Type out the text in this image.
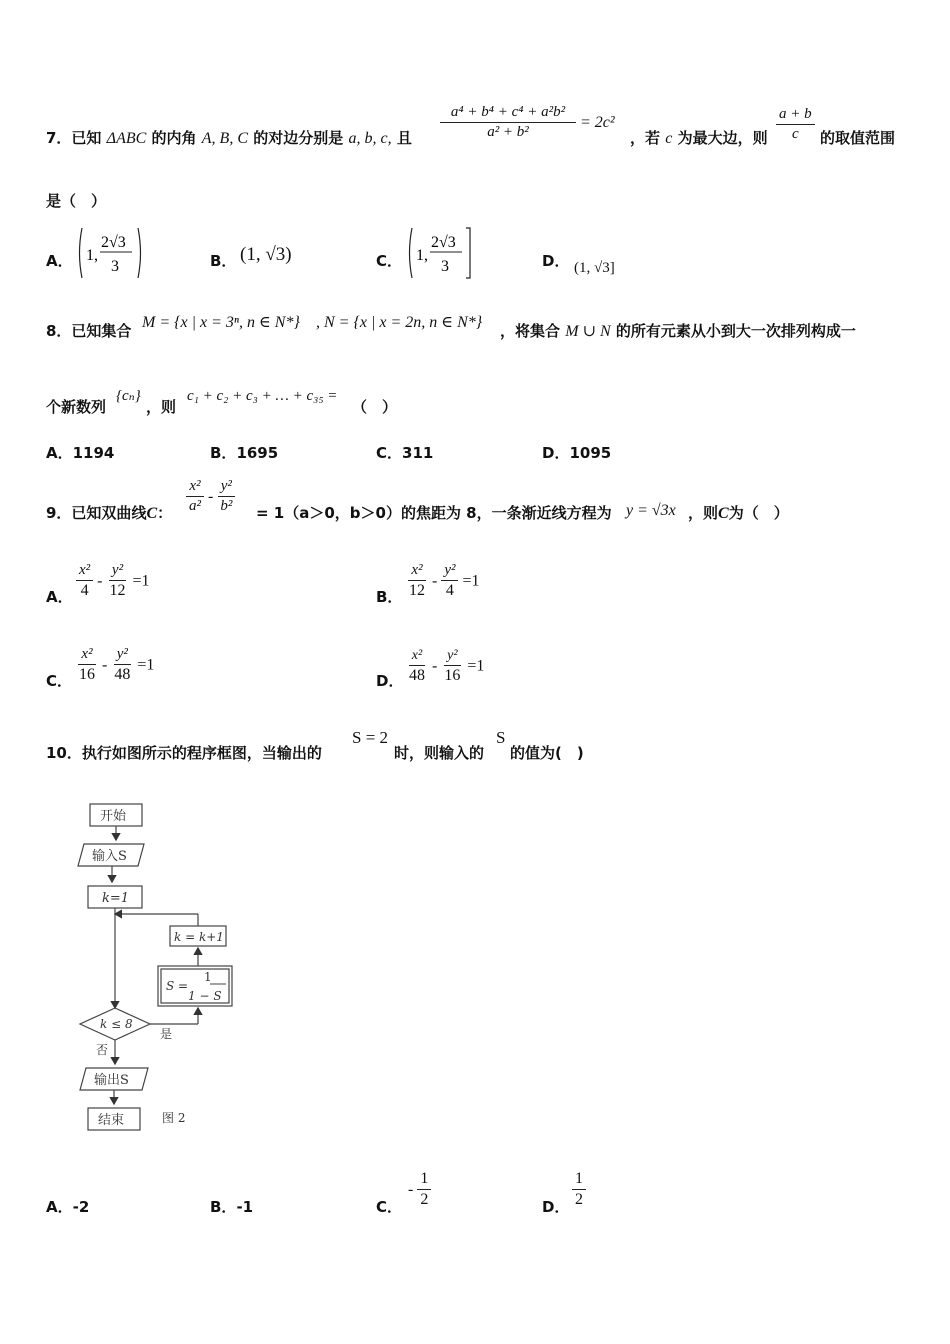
7．已知 ΔABC 的内角 A, B, C 的对边分别是 a, b, c, 且 $\frac{\text{a⁴ + b⁴ + c⁴ + a²b²}}{\text{a² + b²}} = 2c^2$
，若 c 为最大边，则 $\frac{a + b}{c}$ 的取值范围
是（　）
A． 1,
2√3
3	B． (1, √3)	C． 1,
2√3
3	D． (1, √3]
8．已知集合 M = {x | x = 3ⁿ, n ∈ N*} , N = {x | x = 2n, n ∈ N*} ，将集合 M ∪ N 的所有元素从小到大一次排列构成一
个新数列
{cₙ}
，则
c₁ + c₂ + c₃ + … + c₃₅ =
（　）
A．1194	B．1695	C．311	D．1095
9．已知双曲线C： $\frac{\text{x²}}{\text{a²}} - \frac{\text{y²}}{\text{b²}} = 1(a>0$，b＞0）的焦距为 8，一条渐近线方程为 y = √3x ，则C为（　）
A． $\frac{\text{x²}}{4} - \frac{\text{y²}}{12} =1$
B． $\frac{\text{x²}}{12} - \frac{\text{y²}}{4} =1$
C． $\frac{\text{x²}}{16} - \frac{\text{y²}}{48} =1$
D． $\frac{\text{x²}}{48} - \frac{\text{y²}}{16} =1$
10．执行如图所示的程序框图，当输出的
S = 2
时，则输入的
S
的值为(　)
开始
输入S
k=1
k = k+1
S =
1
1 − S
k ≤ 8
是
否
输出S
结束	图 2
A．-2	B．-1	C．
- $\frac{1}{2}$	D． $\frac{1}{2}$
